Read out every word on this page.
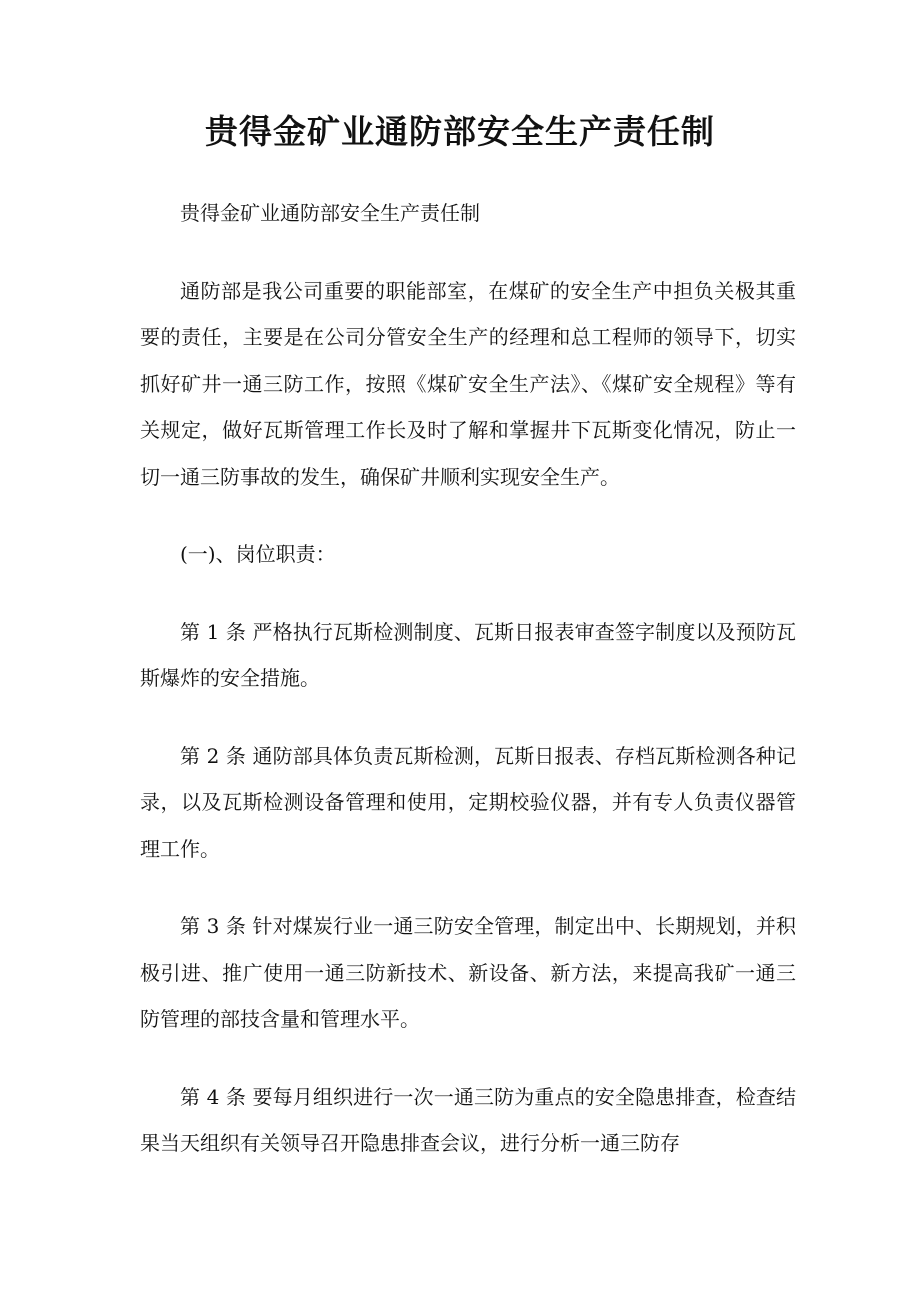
贵得金矿业通防部安全生产责任制

贵得金矿业通防部安全生产责任制

通防部是我公司重要的职能部室，在煤矿的安全生产中担负关极其重要的责任，主要是在公司分管安全生产的经理和总工程师的领导下，切实抓好矿井一通三防工作，按照《煤矿安全生产法》、《煤矿安全规程》等有关规定，做好瓦斯管理工作长及时了解和掌握井下瓦斯变化情况，防止一切一通三防事故的发生，确保矿井顺利实现安全生产。

(一)、岗位职责：

第 1 条 严格执行瓦斯检测制度、瓦斯日报表审查签字制度以及预防瓦斯爆炸的安全措施。

第 2 条 通防部具体负责瓦斯检测，瓦斯日报表、存档瓦斯检测各种记录，以及瓦斯检测设备管理和使用，定期校验仪器，并有专人负责仪器管理工作。

第 3 条 针对煤炭行业一通三防安全管理，制定出中、长期规划，并积极引进、推广使用一通三防新技术、新设备、新方法，来提高我矿一通三防管理的部技含量和管理水平。

第 4 条 要每月组织进行一次一通三防为重点的安全隐患排查，检查结果当天组织有关领导召开隐患排查会议，进行分析一通三防存
